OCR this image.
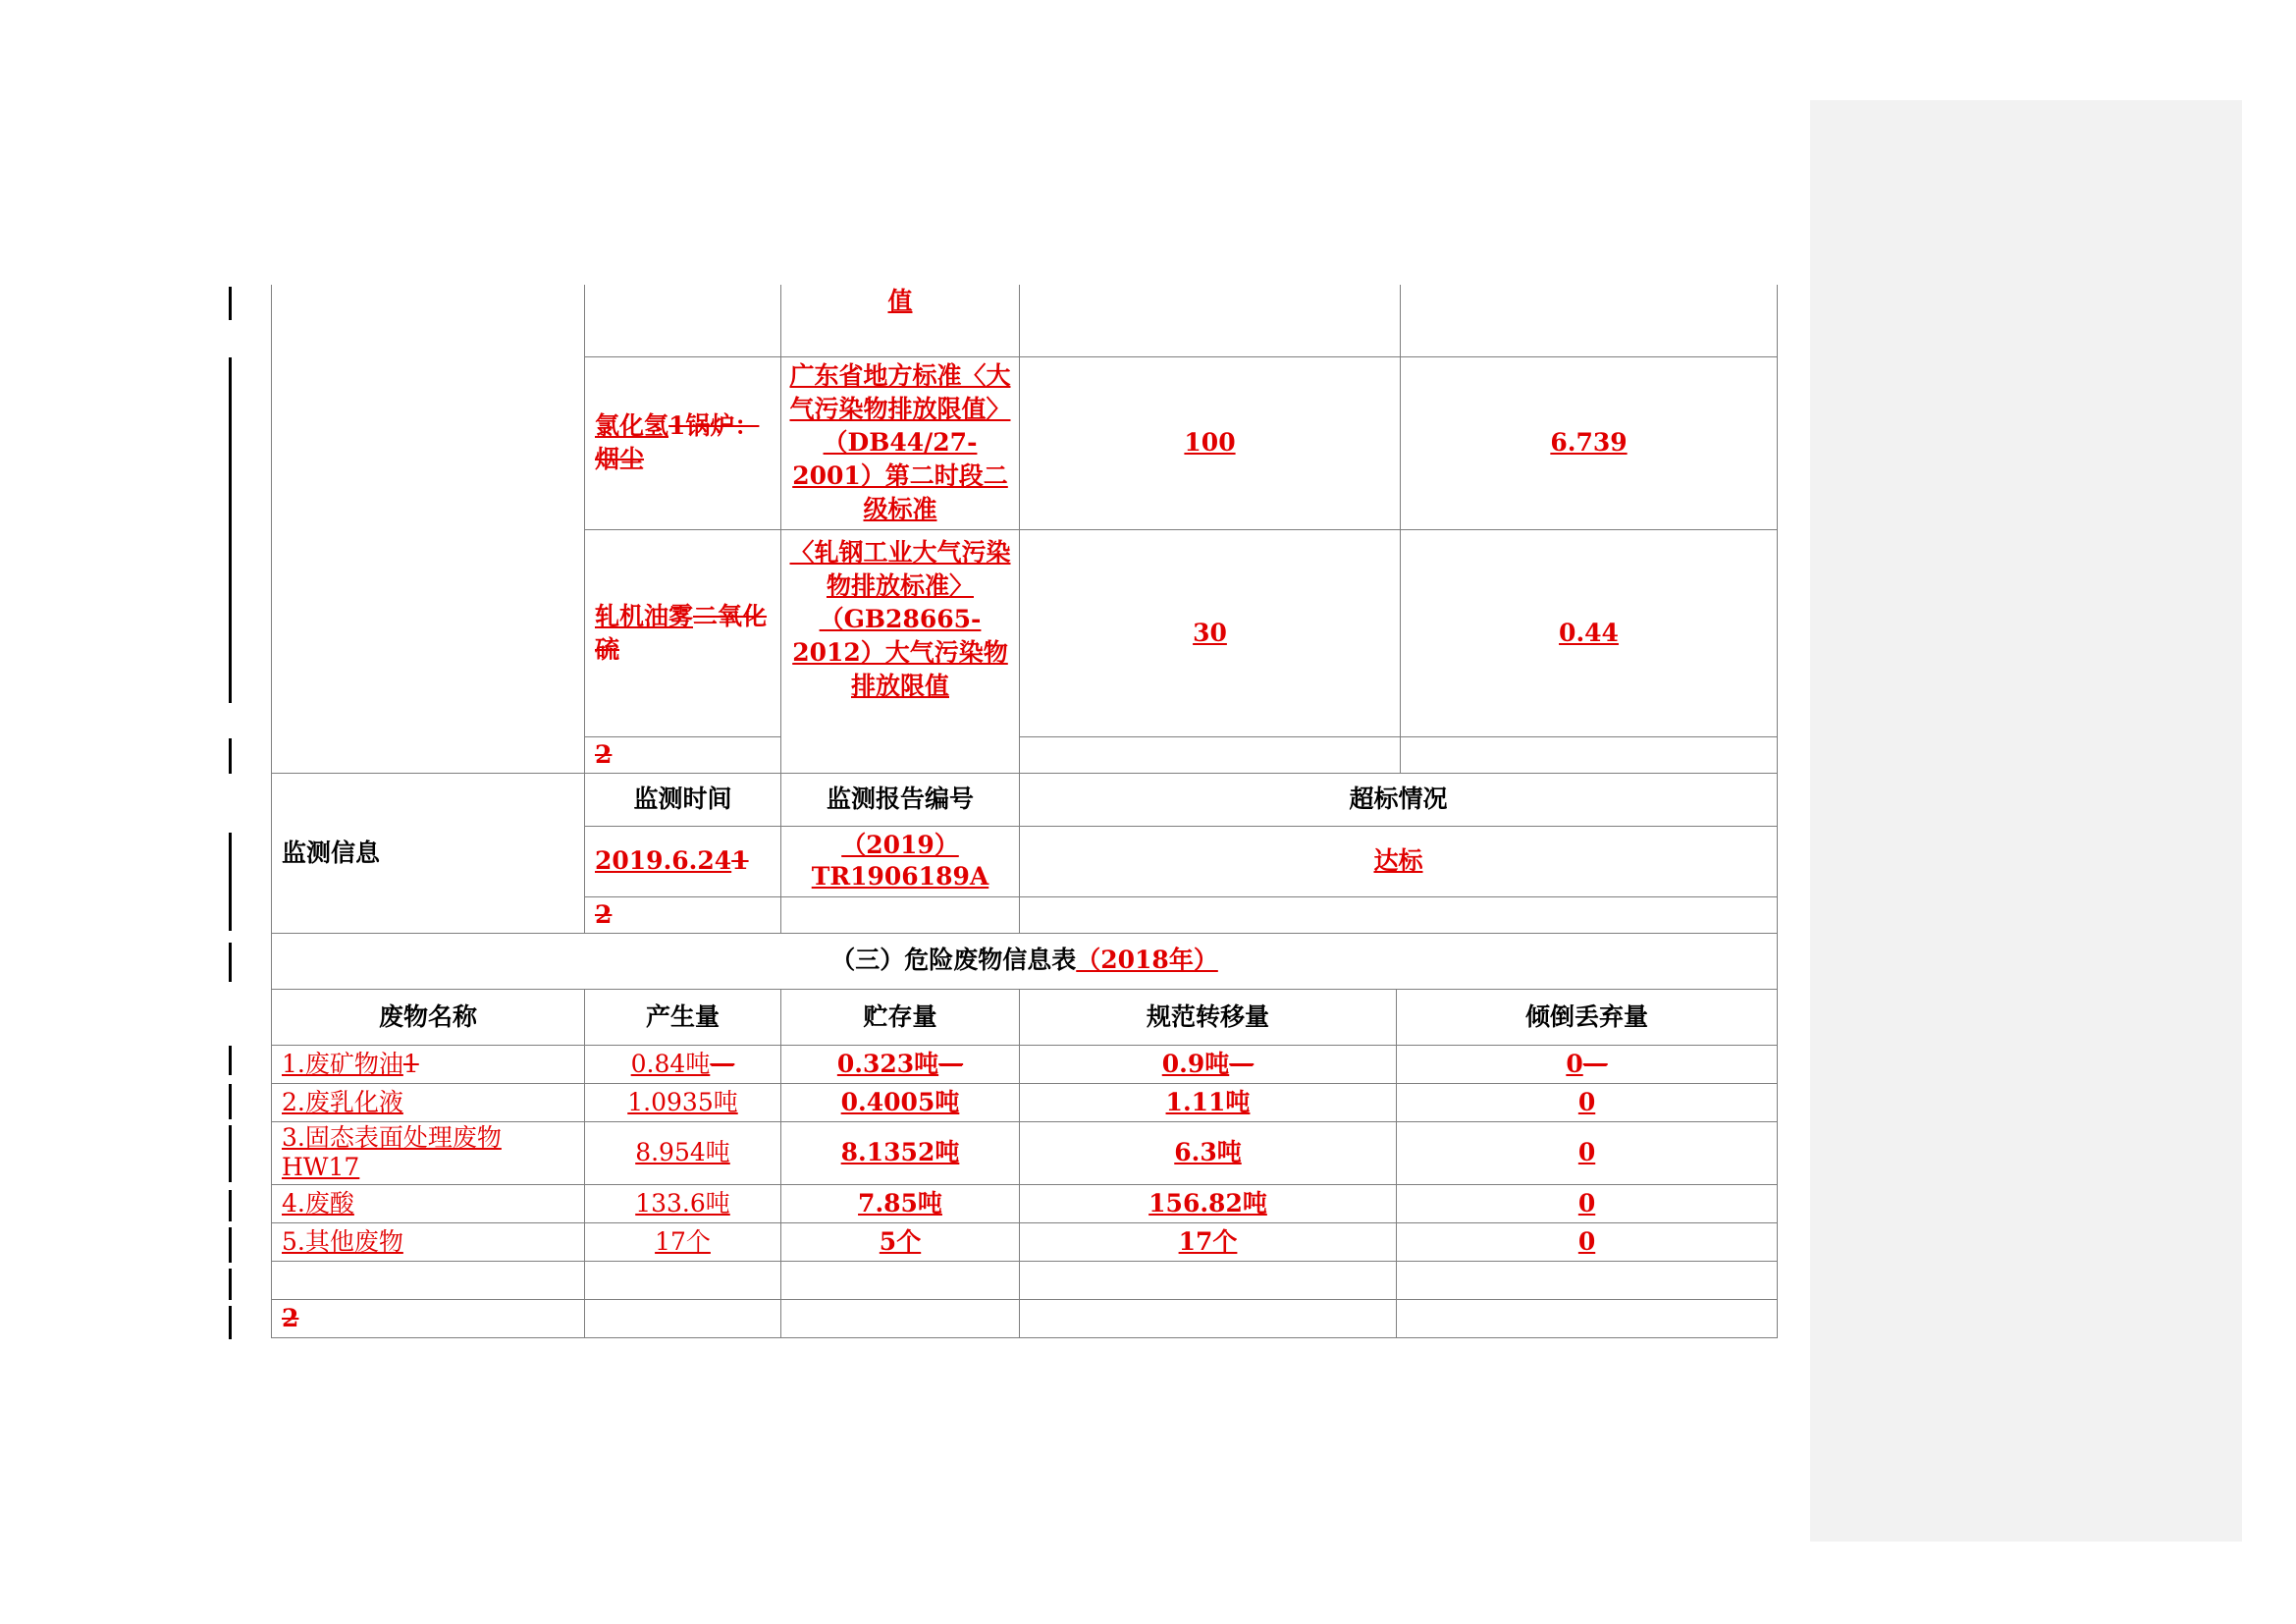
		值		
	氯化氢1锅炉：烟尘	广东省地方标准〈大气污染物排放限值〉（DB44/27-2001）第二时段二级标准	100	6.739
	轧机油雾二氧化硫	〈轧钢工业大气污染物排放标准〉（GB28665-2012）大气污染物排放限值	30	0.44
	2			
监测信息	监测时间	监测报告编号	超标情况	
	2019.6.241	（2019）TR1906189A	达标	
	2			
（三）危险废物信息表（2018年）				
废物名称	产生量	贮存量	规范转移量	倾倒丢弃量
1.废矿物油1	0.84吨—	0.323吨—	0.9吨—	0—
2.废乳化液	1.0935吨	0.4005吨	1.11吨	0
3.固态表面处理废物HW17	8.954吨	8.1352吨	6.3吨	0
4.废酸	133.6吨	7.85吨	156.82吨	0
5.其他废物	17个	5个	17个	0

2				
